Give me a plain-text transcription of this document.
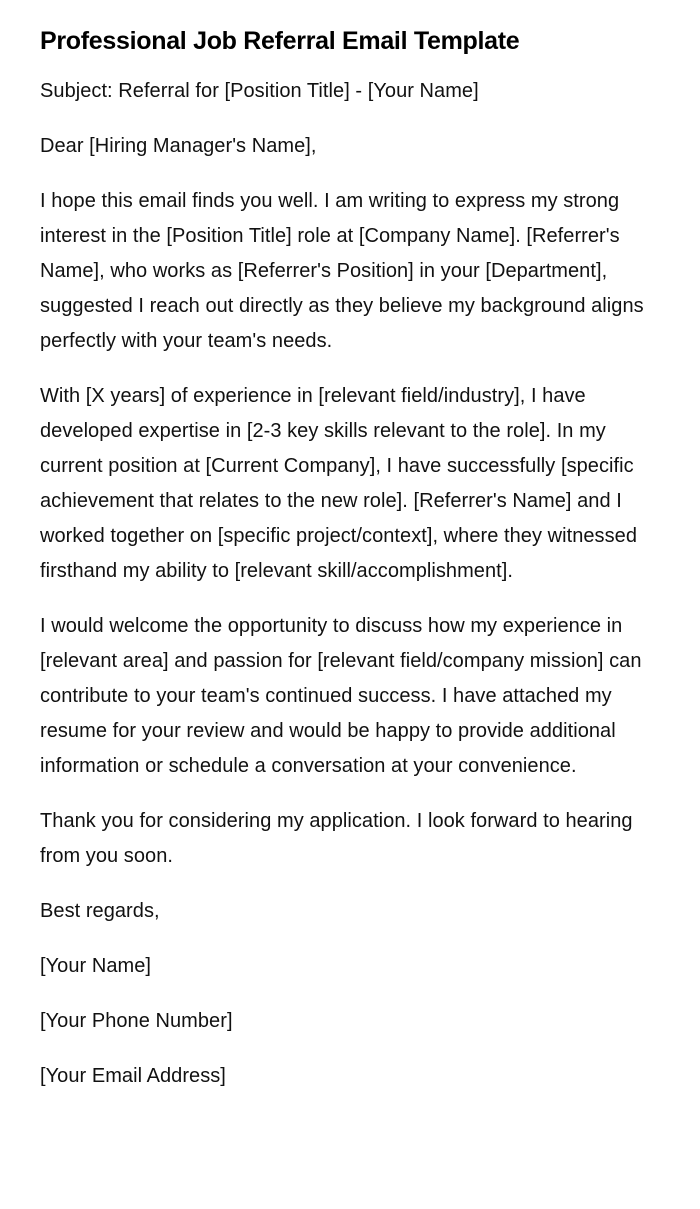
Professional Job Referral Email Template

Subject: Referral for [Position Title] - [Your Name]

Dear [Hiring Manager's Name],

I hope this email finds you well. I am writing to express my strong interest in the [Position Title] role at [Company Name]. [Referrer's Name], who works as [Referrer's Position] in your [Department], suggested I reach out directly as they believe my background aligns perfectly with your team's needs.

With [X years] of experience in [relevant field/industry], I have developed expertise in [2-3 key skills relevant to the role]. In my current position at [Current Company], I have successfully [specific achievement that relates to the new role]. [Referrer's Name] and I worked together on [specific project/context], where they witnessed firsthand my ability to [relevant skill/accomplishment].

I would welcome the opportunity to discuss how my experience in [relevant area] and passion for [relevant field/company mission] can contribute to your team's continued success. I have attached my resume for your review and would be happy to provide additional information or schedule a conversation at your convenience.

Thank you for considering my application. I look forward to hearing from you soon.

Best regards,

[Your Name]

[Your Phone Number]

[Your Email Address]
